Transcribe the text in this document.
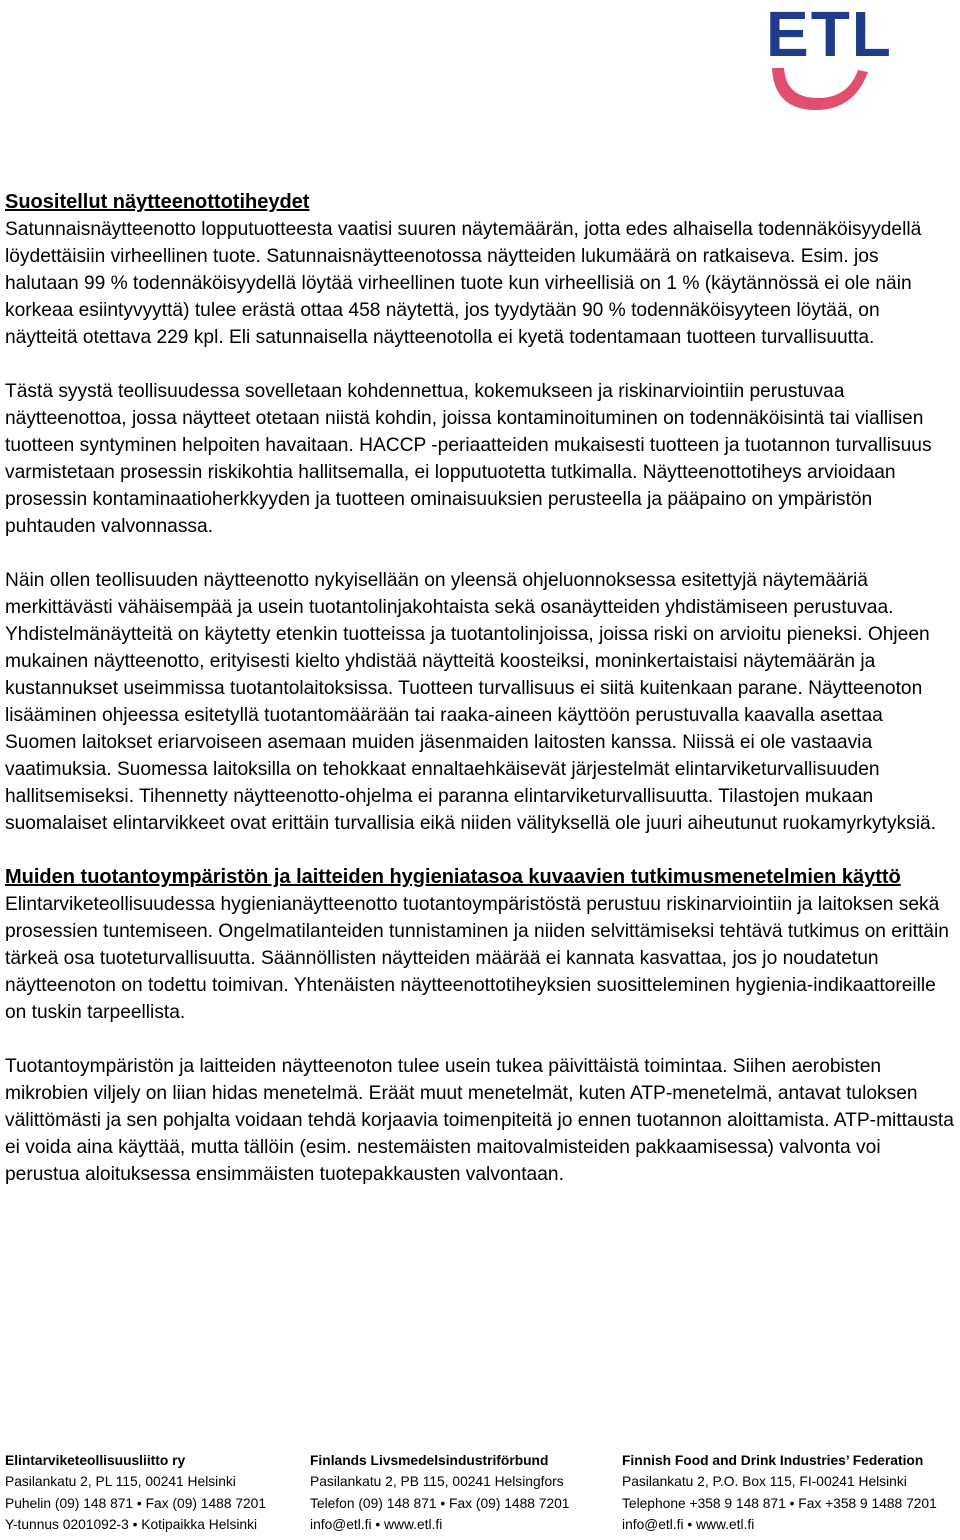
ETL
Suositellut näytteenottotiheydet

Satunnaisnäytteenotto lopputuotteesta vaatisi suuren näytemäärän, jotta edes alhaisella todennäköisyydellä löydettäisiin virheellinen tuote. Satunnaisnäytteenotossa näytteiden lukumäärä on ratkaiseva. Esim. jos halutaan 99 % todennäköisyydellä löytää virheellinen tuote kun virheellisiä on 1 % (käytännössä ei ole näin korkeaa esiintyvyyttä) tulee erästä ottaa 458 näytettä, jos tyydytään 90 % todennäköisyyteen löytää, on näytteitä otettava 229 kpl. Eli satunnaisella näytteenotolla ei kyetä todentamaan tuotteen turvallisuutta.

Tästä syystä teollisuudessa sovelletaan kohdennettua, kokemukseen ja riskinarviointiin perustuvaa näytteenottoa, jossa näytteet otetaan niistä kohdin, joissa kontaminoituminen on todennäköisintä tai viallisen tuotteen syntyminen helpoiten havaitaan. HACCP -periaatteiden mukaisesti tuotteen ja tuotannon turvallisuus varmistetaan prosessin riskikohtia hallitsemalla, ei lopputuotetta tutkimalla. Näytteenottotiheys arvioidaan prosessin kontaminaatioherkkyyden ja tuotteen ominaisuuksien perusteella ja pääpaino on ympäristön puhtauden valvonnassa.

Näin ollen teollisuuden näytteenotto nykyisellään on yleensä ohjeluonnoksessa esitettyjä näytemääriä merkittävästi vähäisempää ja usein tuotantolinjakohtaista sekä osanäytteiden yhdistämiseen perustuvaa. Yhdistelmänäytteitä on käytetty etenkin tuotteissa ja tuotantolinjoissa, joissa riski on arvioitu pieneksi. Ohjeen mukainen näytteenotto, erityisesti kielto yhdistää näytteitä koosteiksi, moninkertaistaisi näytemäärän ja kustannukset useimmissa tuotantolaitoksissa. Tuotteen turvallisuus ei siitä kuitenkaan parane. Näytteenoton lisääminen ohjeessa esitetyllä tuotantomäärään tai raaka-aineen käyttöön perustuvalla kaavalla asettaa Suomen laitokset eriarvoiseen asemaan muiden jäsenmaiden laitosten kanssa. Niissä ei ole vastaavia vaatimuksia. Suomessa laitoksilla on tehokkaat ennaltaehkäisevät järjestelmät elintarviketurvallisuuden hallitsemiseksi. Tihennetty näytteenotto-ohjelma ei paranna elintarviketurvallisuutta. Tilastojen mukaan suomalaiset elintarvikkeet ovat erittäin turvallisia eikä niiden välityksellä ole juuri aiheutunut ruokamyrkytyksiä.

Muiden tuotantoympäristön ja laitteiden hygieniatasoa kuvaavien tutkimusmenetelmien käyttö

Elintarviketeollisuudessa hygienianäytteenotto tuotantoympäristöstä perustuu riskinarviointiin ja laitoksen sekä prosessien tuntemiseen. Ongelmatilanteiden tunnistaminen ja niiden selvittämiseksi tehtävä tutkimus on erittäin tärkeä osa tuoteturvallisuutta. Säännöllisten näytteiden määrää ei kannata kasvattaa, jos jo noudatetun näytteenoton on todettu toimivan. Yhtenäisten näytteenottotiheyksien suositteleminen hygienia-indikaattoreille on tuskin tarpeellista.

Tuotantoympäristön ja laitteiden näytteenoton tulee usein tukea päivittäistä toimintaa. Siihen aerobisten mikrobien viljely on liian hidas menetelmä. Eräät muut menetelmät, kuten ATP-menetelmä, antavat tuloksen välittömästi ja sen pohjalta voidaan tehdä korjaavia toimenpiteitä jo ennen tuotannon aloittamista. ATP-mittausta ei voida aina käyttää, mutta tällöin (esim. nestemäisten maitovalmisteiden pakkaamisessa) valvonta voi perustua aloituksessa ensimmäisten tuotepakkausten valvontaan.

Elintarviketeollisuusliitto ry
Pasilankatu 2, PL 115, 00241 Helsinki
Puhelin (09) 148 871 • Fax (09) 1488 7201
Y-tunnus 0201092-3 • Kotipaikka Helsinki
Finlands Livsmedelsindustriförbund
Pasilankatu 2, PB 115, 00241 Helsingfors
Telefon (09) 148 871 • Fax (09) 1488 7201
info@etl.fi • www.etl.fi
Finnish Food and Drink Industries’ Federation
Pasilankatu 2, P.O. Box 115, FI-00241 Helsinki
Telephone +358 9 148 871 • Fax +358 9 1488 7201
info@etl.fi • www.etl.fi
